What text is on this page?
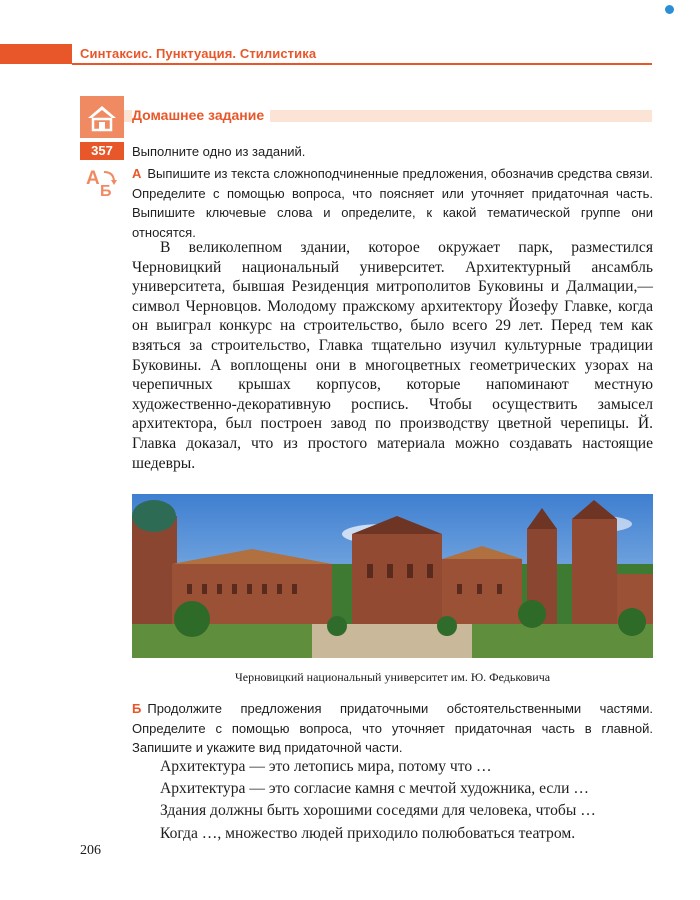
Синтаксис. Пунктуация. Стилистика
Домашнее задание
357	Выполните одно из заданий.
А
Б
А Выпишите из текста сложноподчиненные предложения, обозначив средства связи. Определите с помощью вопроса, что поясняет или уточняет придаточная часть. Выпишите ключевые слова и определите, к какой тематической группе они относятся.
В великолепном здании, которое окружает парк, разместился Черновицкий национальный университет. Архитектурный ансамбль университета, бывшая Резиденция митрополитов Буковины и Далмации,— символ Черновцов. Молодому пражскому архитектору Йозефу Главке, когда он выиграл конкурс на строительство, было всего 29 лет. Перед тем как взяться за строительство, Главка тщательно изучил культурные традиции Буковины. А воплощены они в многоцветных геометрических узорах на черепичных крышах корпусов, которые напоминают местную художественно-декоративную роспись. Чтобы осуществить замысел архитектора, был построен завод по производству цветной черепицы. Й. Главка доказал, что из простого материала можно создавать настоящие шедевры.
Черновицкий национальный университет им. Ю. Федьковича
Б Продолжите предложения придаточными обстоятельственными частями. Определите с помощью вопроса, что уточняет придаточная часть в главной. Запишите и укажите вид придаточной части.
Архитектура — это летопись мира, потому что …
Архитектура — это согласие камня с мечтой художника, если …
Здания должны быть хорошими соседями для человека, чтобы …
Когда …, множество людей приходило полюбоваться театром.
206
